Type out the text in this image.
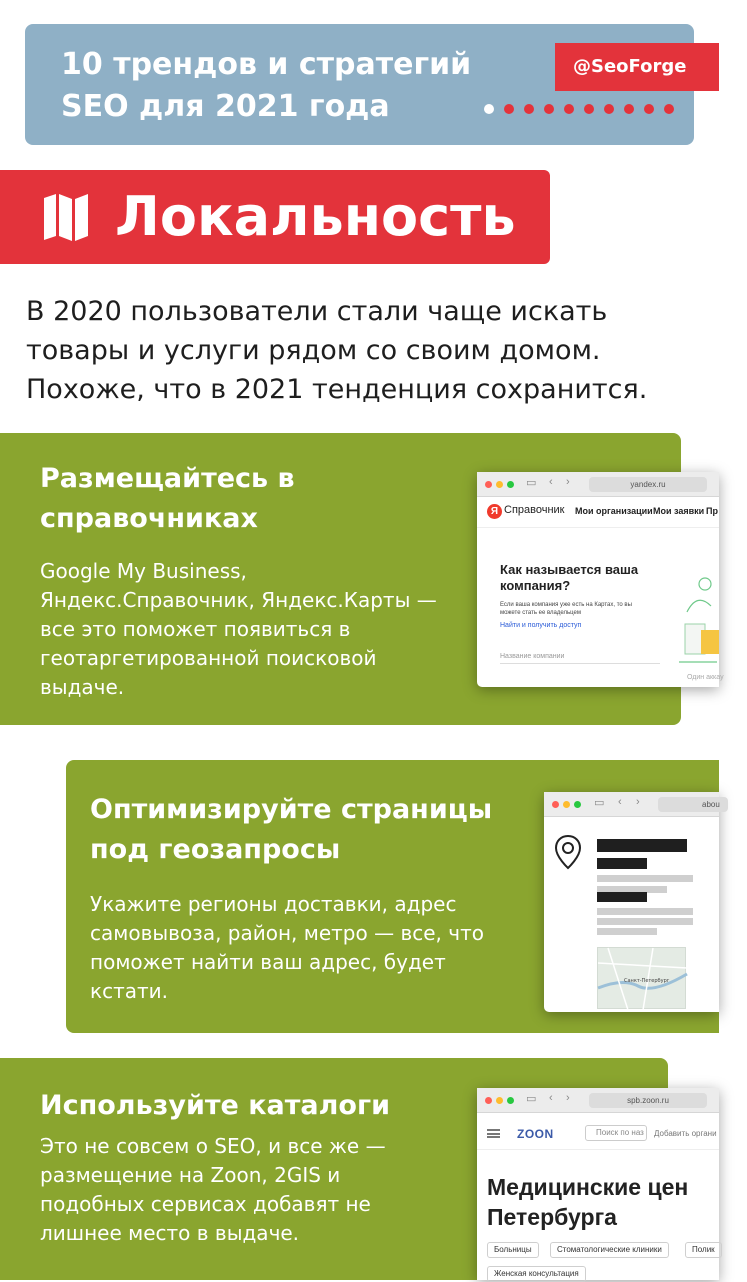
10 трендов и стратегий SEO для 2021 года
@SeoForge
Локальность
В 2020 пользователи стали чаще искать товары и услуги рядом со своим домом. Похоже, что в 2021 тенденция сохранится.
Размещайтесь в справочниках
Google My Business, Яндекс.Справочник, Яндекс.Карты — все это поможет появиться в геотаргетированной поисковой выдаче.
▭ ‹ ›	yandex.ru
Я Справочник Мои организации Мои заявки Пр
Как называется ваша компания?
Если ваша компания уже есть на Картах, то вы можете стать ее владельцем
Найти и получить доступ
Название компании
Один аккау
Оптимизируйте страницы под геозапросы
Укажите регионы доставки, адрес самовывоза, район, метро — все, что поможет найти ваш адрес, будет кстати.
▭ ‹ ›	abou
Санкт-Петербург
Используйте каталоги
Это не совсем о SEO, и все же — размещение на Zoon, 2GIS и подобных сервисах добавят не лишнее место в выдаче.
▭ ‹ ›	spb.zoon.ru
ZOON	Поиск по наз	Добавить органи
Медицинские цен
Петербурга
Больницы	Стоматологические клиники	Полик
Женская консультация
